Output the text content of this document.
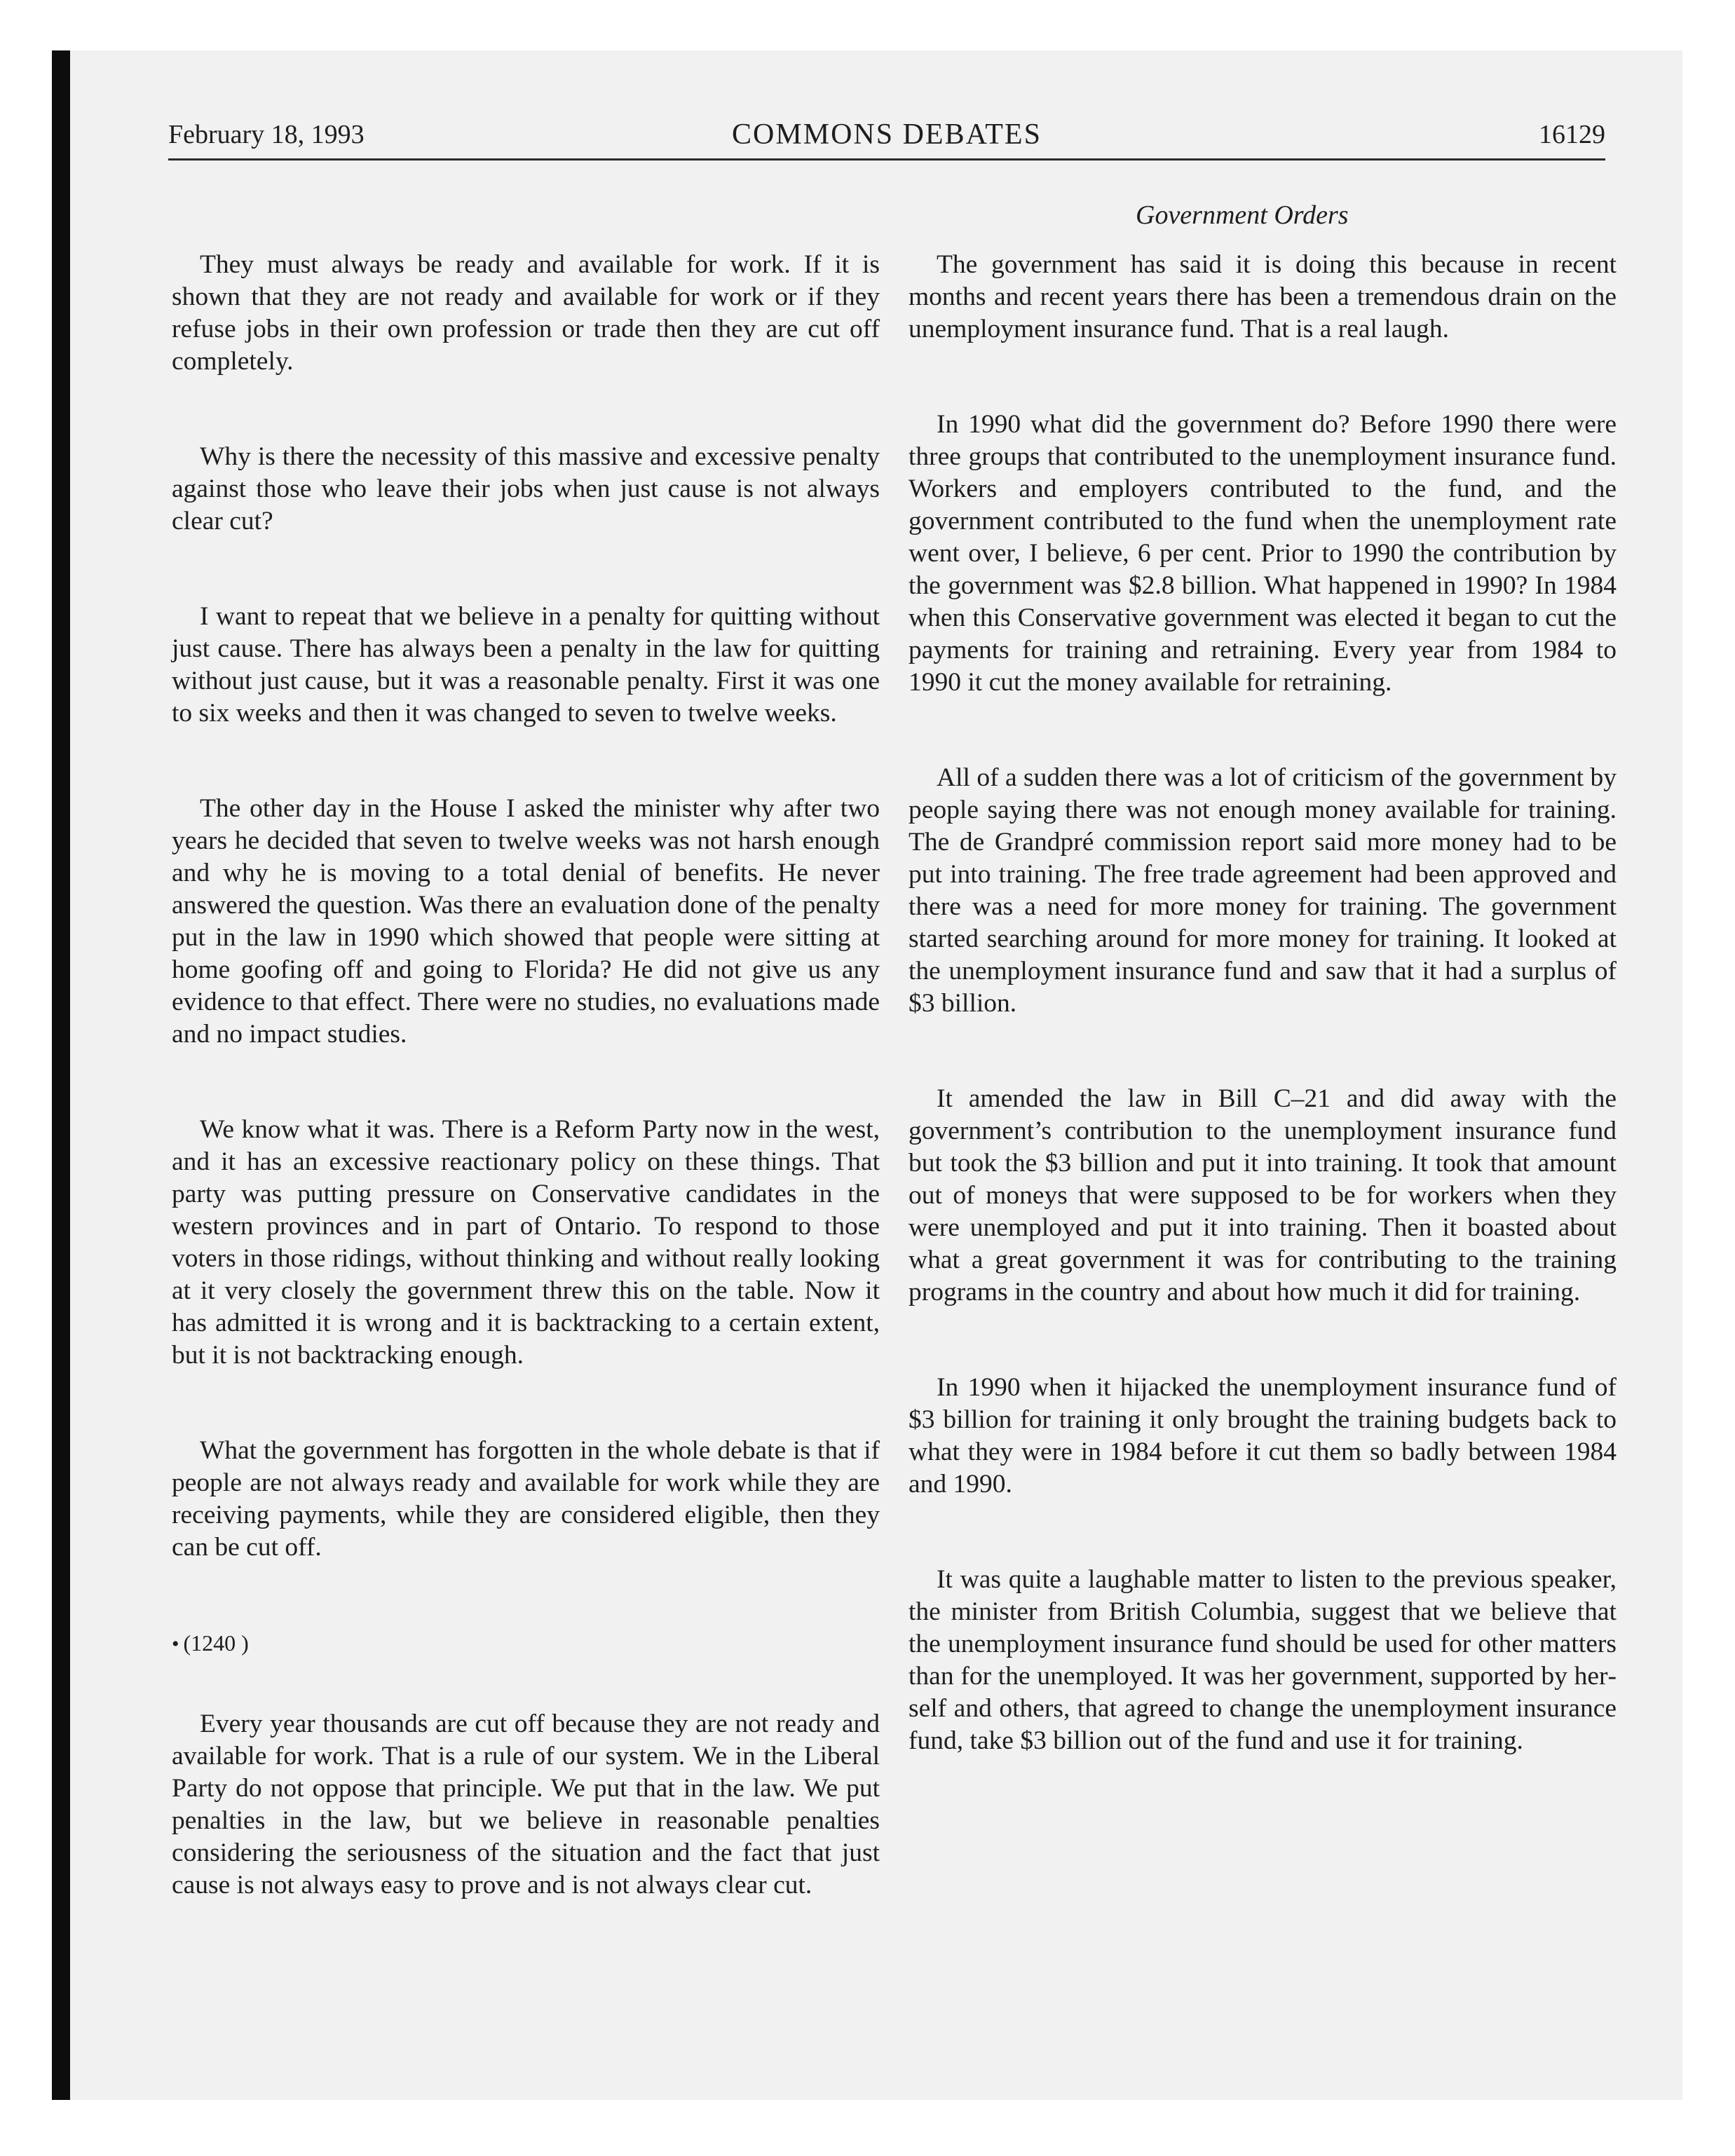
February 18, 1993	COMMONS DEBATES	16129
Government Orders

They must always be ready and available for work. If it is shown that they are not ready and available for work or if they refuse jobs in their own profession or trade then they are cut off completely.

Why is there the necessity of this massive and excessive penalty against those who leave their jobs when just cause is not always clear cut?

I want to repeat that we believe in a penalty for quitting without just cause. There has always been a penalty in the law for quitting without just cause, but it was a reasonable penalty. First it was one to six weeks and then it was changed to seven to twelve weeks.

The other day in the House I asked the minister why after two years he decided that seven to twelve weeks was not harsh enough and why he is moving to a total denial of benefits. He never answered the question. Was there an evaluation done of the penalty put in the law in 1990 which showed that people were sitting at home goofing off and going to Florida? He did not give us any evidence to that effect. There were no studies, no evaluations made and no impact studies.

We know what it was. There is a Reform Party now in the west, and it has an excessive reactionary policy on these things. That party was putting pressure on Conservative candidates in the western provinces and in part of Ontario. To respond to those voters in those ridings, without thinking and without really looking at it very closely the government threw this on the table. Now it has admitted it is wrong and it is backtracking to a certain extent, but it is not backtracking enough.

What the government has forgotten in the whole debate is that if people are not always ready and available for work while they are receiving payments, while they are considered eligible, then they can be cut off.

• (1240 )

Every year thousands are cut off because they are not ready and available for work. That is a rule of our system. We in the Liberal Party do not oppose that principle. We put that in the law. We put penalties in the law, but we believe in reasonable penalties considering the seriousness of the situation and the fact that just cause is not always easy to prove and is not always clear cut.

The government has said it is doing this because in recent months and recent years there has been a tremendous drain on the unemployment insurance fund. That is a real laugh.

In 1990 what did the government do? Before 1990 there were three groups that contributed to the unemployment insurance fund. Workers and employers contributed to the fund, and the government contributed to the fund when the unemployment rate went over, I believe, 6 per cent. Prior to 1990 the contribution by the government was $2.8 billion. What happened in 1990? In 1984 when this Conservative government was elected it began to cut the payments for training and retraining. Every year from 1984 to 1990 it cut the money available for retraining.

All of a sudden there was a lot of criticism of the government by people saying there was not enough money available for training. The de Grandpré commission report said more money had to be put into training. The free trade agreement had been approved and there was a need for more money for training. The government started searching around for more money for training. It looked at the unemployment insurance fund and saw that it had a surplus of $3 billion.

It amended the law in Bill C–21 and did away with the government’s contribution to the unemployment insurance fund but took the $3 billion and put it into training. It took that amount out of moneys that were supposed to be for workers when they were unemployed and put it into training. Then it boasted about what a great government it was for contributing to the training programs in the country and about how much it did for training.

In 1990 when it hijacked the unemployment insurance fund of $3 billion for training it only brought the training budgets back to what they were in 1984 before it cut them so badly between 1984 and 1990.

It was quite a laughable matter to listen to the previous speaker, the minister from British Columbia, suggest that we believe that the unemployment insurance fund should be used for other matters than for the unemployed. It was her government, supported by herself and others, that agreed to change the unemployment insurance fund, take $3 billion out of the fund and use it for training.
